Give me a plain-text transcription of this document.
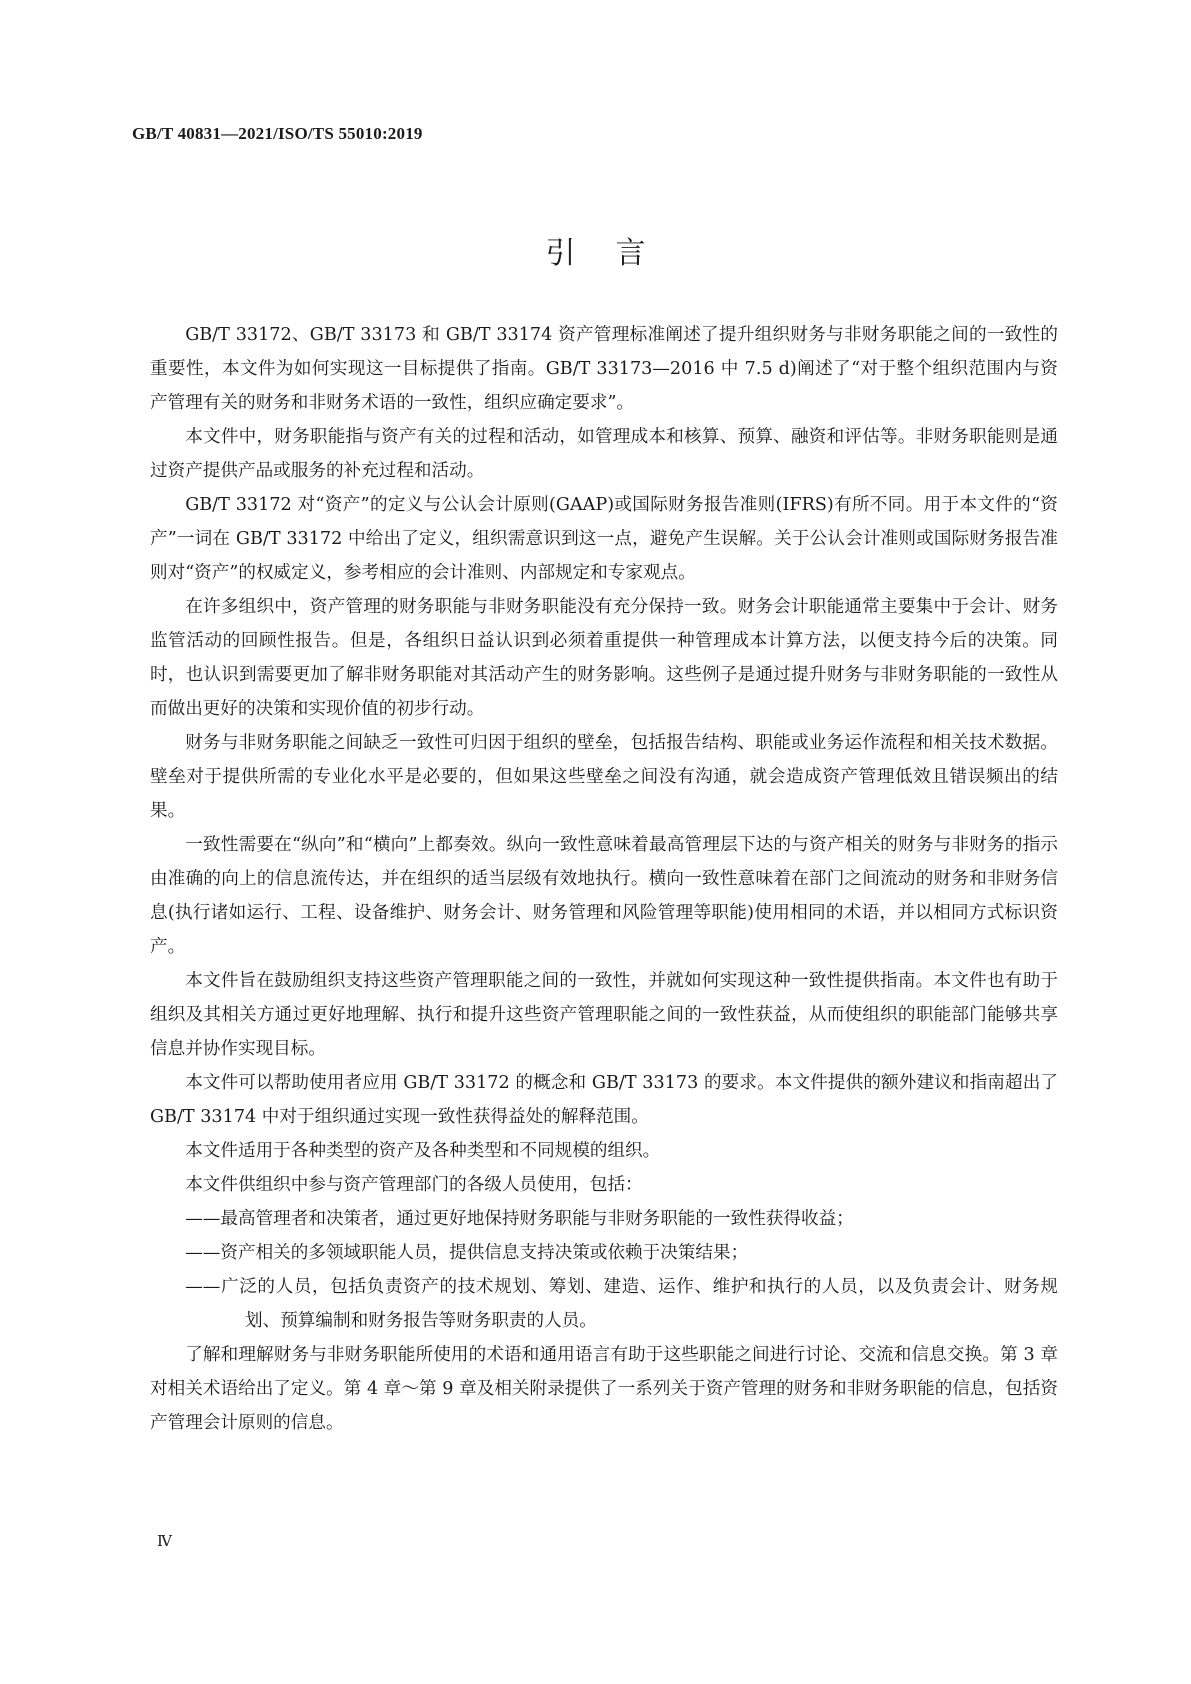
GB/T 40831—2021/ISO/TS 55010:2019
引言

GB/T 33172、GB/T 33173 和 GB/T 33174 资产管理标准阐述了提升组织财务与非财务职能之间的一致性的重要性，本文件为如何实现这一目标提供了指南。GB/T 33173—2016 中 7.5 d)阐述了“对于整个组织范围内与资产管理有关的财务和非财务术语的一致性，组织应确定要求”。

本文件中，财务职能指与资产有关的过程和活动，如管理成本和核算、预算、融资和评估等。非财务职能则是通过资产提供产品或服务的补充过程和活动。

GB/T 33172 对“资产”的定义与公认会计原则(GAAP)或国际财务报告准则(IFRS)有所不同。用于本文件的“资产”一词在 GB/T 33172 中给出了定义，组织需意识到这一点，避免产生误解。关于公认会计准则或国际财务报告准则对“资产”的权威定义，参考相应的会计准则、内部规定和专家观点。

在许多组织中，资产管理的财务职能与非财务职能没有充分保持一致。财务会计职能通常主要集中于会计、财务监管活动的回顾性报告。但是，各组织日益认识到必须着重提供一种管理成本计算方法，以便支持今后的决策。同时，也认识到需要更加了解非财务职能对其活动产生的财务影响。这些例子是通过提升财务与非财务职能的一致性从而做出更好的决策和实现价值的初步行动。

财务与非财务职能之间缺乏一致性可归因于组织的壁垒，包括报告结构、职能或业务运作流程和相关技术数据。壁垒对于提供所需的专业化水平是必要的，但如果这些壁垒之间没有沟通，就会造成资产管理低效且错误频出的结果。

一致性需要在“纵向”和“横向”上都奏效。纵向一致性意味着最高管理层下达的与资产相关的财务与非财务的指示由准确的向上的信息流传达，并在组织的适当层级有效地执行。横向一致性意味着在部门之间流动的财务和非财务信息(执行诸如运行、工程、设备维护、财务会计、财务管理和风险管理等职能)使用相同的术语，并以相同方式标识资产。

本文件旨在鼓励组织支持这些资产管理职能之间的一致性，并就如何实现这种一致性提供指南。本文件也有助于组织及其相关方通过更好地理解、执行和提升这些资产管理职能之间的一致性获益，从而使组织的职能部门能够共享信息并协作实现目标。

本文件可以帮助使用者应用 GB/T 33172 的概念和 GB/T 33173 的要求。本文件提供的额外建议和指南超出了 GB/T 33174 中对于组织通过实现一致性获得益处的解释范围。

本文件适用于各种类型的资产及各种类型和不同规模的组织。

本文件供组织中参与资产管理部门的各级人员使用，包括：

——最高管理者和决策者，通过更好地保持财务职能与非财务职能的一致性获得收益；

——资产相关的多领域职能人员，提供信息支持决策或依赖于决策结果；

——广泛的人员，包括负责资产的技术规划、筹划、建造、运作、维护和执行的人员，以及负责会计、财务规划、预算编制和财务报告等财务职责的人员。

了解和理解财务与非财务职能所使用的术语和通用语言有助于这些职能之间进行讨论、交流和信息交换。第 3 章对相关术语给出了定义。第 4 章～第 9 章及相关附录提供了一系列关于资产管理的财务和非财务职能的信息，包括资产管理会计原则的信息。

Ⅳ
